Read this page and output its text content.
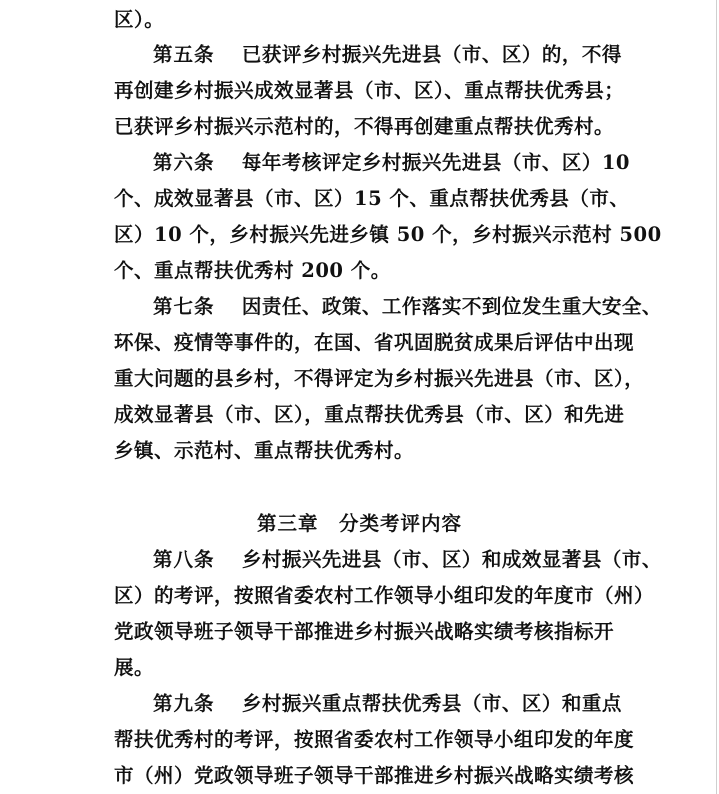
区）。
第五条 已获评乡村振兴先进县（市、区）的，不得
再创建乡村振兴成效显著县（市、区）、重点帮扶优秀县；
已获评乡村振兴示范村的，不得再创建重点帮扶优秀村。
第六条 每年考核评定乡村振兴先进县（市、区）10
个、成效显著县（市、区）15 个、重点帮扶优秀县（市、
区）10 个，乡村振兴先进乡镇 50 个，乡村振兴示范村 500
个、重点帮扶优秀村 200 个。
第七条 因责任、政策、工作落实不到位发生重大安全、
环保、疫情等事件的，在国、省巩固脱贫成果后评估中出现
重大问题的县乡村，不得评定为乡村振兴先进县（市、区），
成效显著县（市、区），重点帮扶优秀县（市、区）和先进
乡镇、示范村、重点帮扶优秀村。
第三章　分类考评内容
第八条 乡村振兴先进县（市、区）和成效显著县（市、
区）的考评，按照省委农村工作领导小组印发的年度市（州）
党政领导班子领导干部推进乡村振兴战略实绩考核指标开
展。
第九条 乡村振兴重点帮扶优秀县（市、区）和重点
帮扶优秀村的考评，按照省委农村工作领导小组印发的年度
市（州）党政领导班子领导干部推进乡村振兴战略实绩考核
